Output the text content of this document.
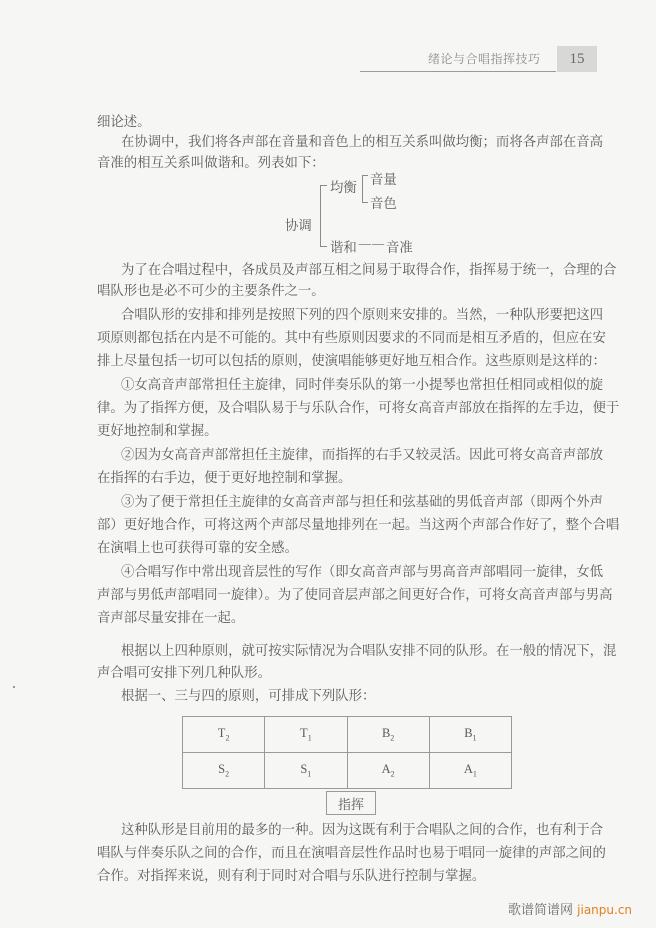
绪论与合唱指挥技巧	15
细论述。
在协调中，我们将各声部在音量和音色上的相互关系叫做均衡；而将各声部在音高
音准的相互关系叫做谐和。列表如下：
为了在合唱过程中，各成员及声部互相之间易于取得合作，指挥易于统一，合理的合
唱队形也是必不可少的主要条件之一。
合唱队形的安排和排列是按照下列的四个原则来安排的。当然，一种队形要把这四
项原则都包括在内是不可能的。其中有些原则因要求的不同而是相互矛盾的，但应在安
排上尽量包括一切可以包括的原则，使演唱能够更好地互相合作。这些原则是这样的：
①女高音声部常担任主旋律，同时伴奏乐队的第一小提琴也常担任相同或相似的旋
律。为了指挥方便，及合唱队易于与乐队合作，可将女高音声部放在指挥的左手边，便于
更好地控制和掌握。
②因为女高音声部常担任主旋律，而指挥的右手又较灵活。因此可将女高音声部放
在指挥的右手边，便于更好地控制和掌握。
③为了便于常担任主旋律的女高音声部与担任和弦基础的男低音声部（即两个外声
部）更好地合作，可将这两个声部尽量地排列在一起。当这两个声部合作好了，整个合唱
在演唱上也可获得可靠的安全感。
④合唱写作中常出现音层性的写作（即女高音声部与男高音声部唱同一旋律，女低
声部与男低声部唱同一旋律）。为了使同音层声部之间更好合作，可将女高音声部与男高
音声部尽量安排在一起。
根据以上四种原则，就可按实际情况为合唱队安排不同的队形。在一般的情况下，混
声合唱可安排下列几种队形。
根据一、三与四的原则，可排成下列队形：
这种队形是目前用的最多的一种。因为这既有利于合唱队之间的合作，也有利于合
唱队与伴奏乐队之间的合作，而且在演唱音层性作品时也易于唱同一旋律的声部之间的
合作。对指挥来说，则有利于同时对合唱与乐队进行控制与掌握。
协调
均衡
音量
音色
谐和 —— 音准
$T_2$	$T_1$	$B_2$	$B_1$
$S_2$	$S_1$	$A_2$	$A_1$
指挥
歌谱简谱网 jianpu.cn
